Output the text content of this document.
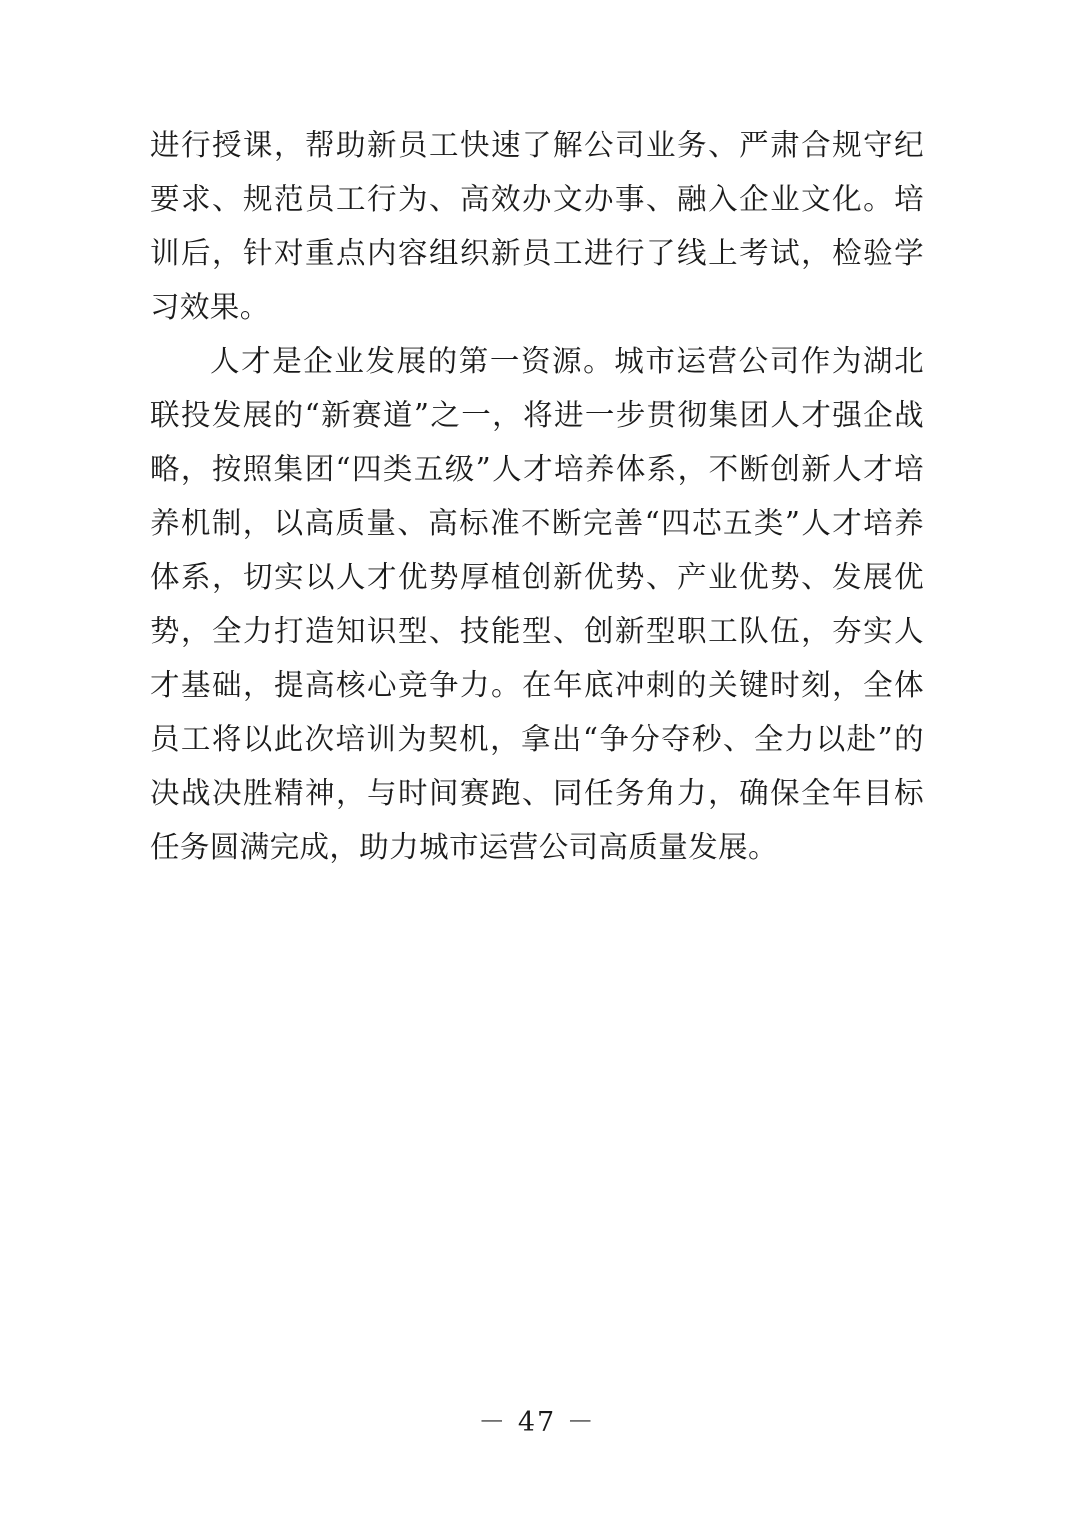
进行授课，帮助新员工快速了解公司业务、严肃合规守纪要求、规范员工行为、高效办文办事、融入企业文化。培训后，针对重点内容组织新员工进行了线上考试，检验学习效果。

人才是企业发展的第一资源。城市运营公司作为湖北联投发展的“新赛道”之一，将进一步贯彻集团人才强企战略，按照集团“四类五级”人才培养体系，不断创新人才培养机制，以高质量、高标准不断完善“四芯五类”人才培养体系，切实以人才优势厚植创新优势、产业优势、发展优势，全力打造知识型、技能型、创新型职工队伍，夯实人才基础，提高核心竞争力。在年底冲刺的关键时刻，全体员工将以此次培训为契机，拿出“争分夺秒、全力以赴”的决战决胜精神，与时间赛跑、同任务角力，确保全年目标任务圆满完成，助力城市运营公司高质量发展。

－ 47 －
